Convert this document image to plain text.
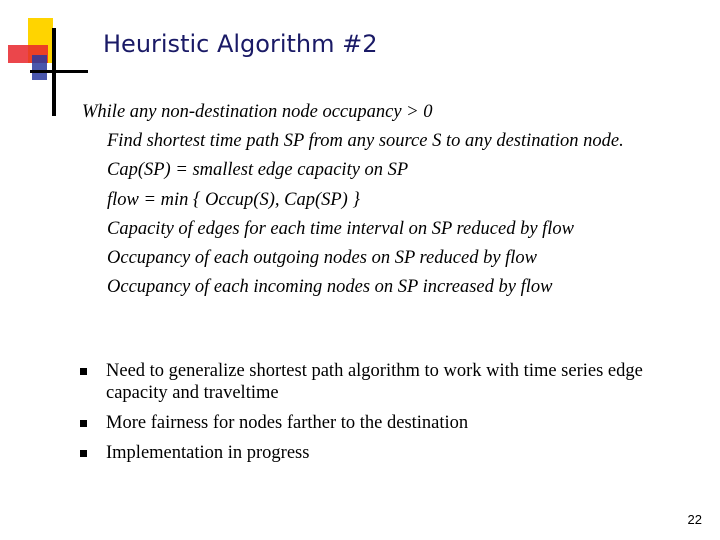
Heuristic Algorithm #2
While any non-destination node occupancy > 0
Find shortest time path SP from any source S to any destination node.
Cap(SP) = smallest edge capacity on SP
flow = min { Occup(S), Cap(SP) }
Capacity of edges for each time interval on SP reduced by flow
Occupancy of each outgoing nodes on SP reduced by flow
Occupancy of each incoming nodes on SP increased by flow
Need to generalize shortest path algorithm to work with time series edge capacity and traveltime
More fairness for nodes farther to the destination
Implementation in progress
22
